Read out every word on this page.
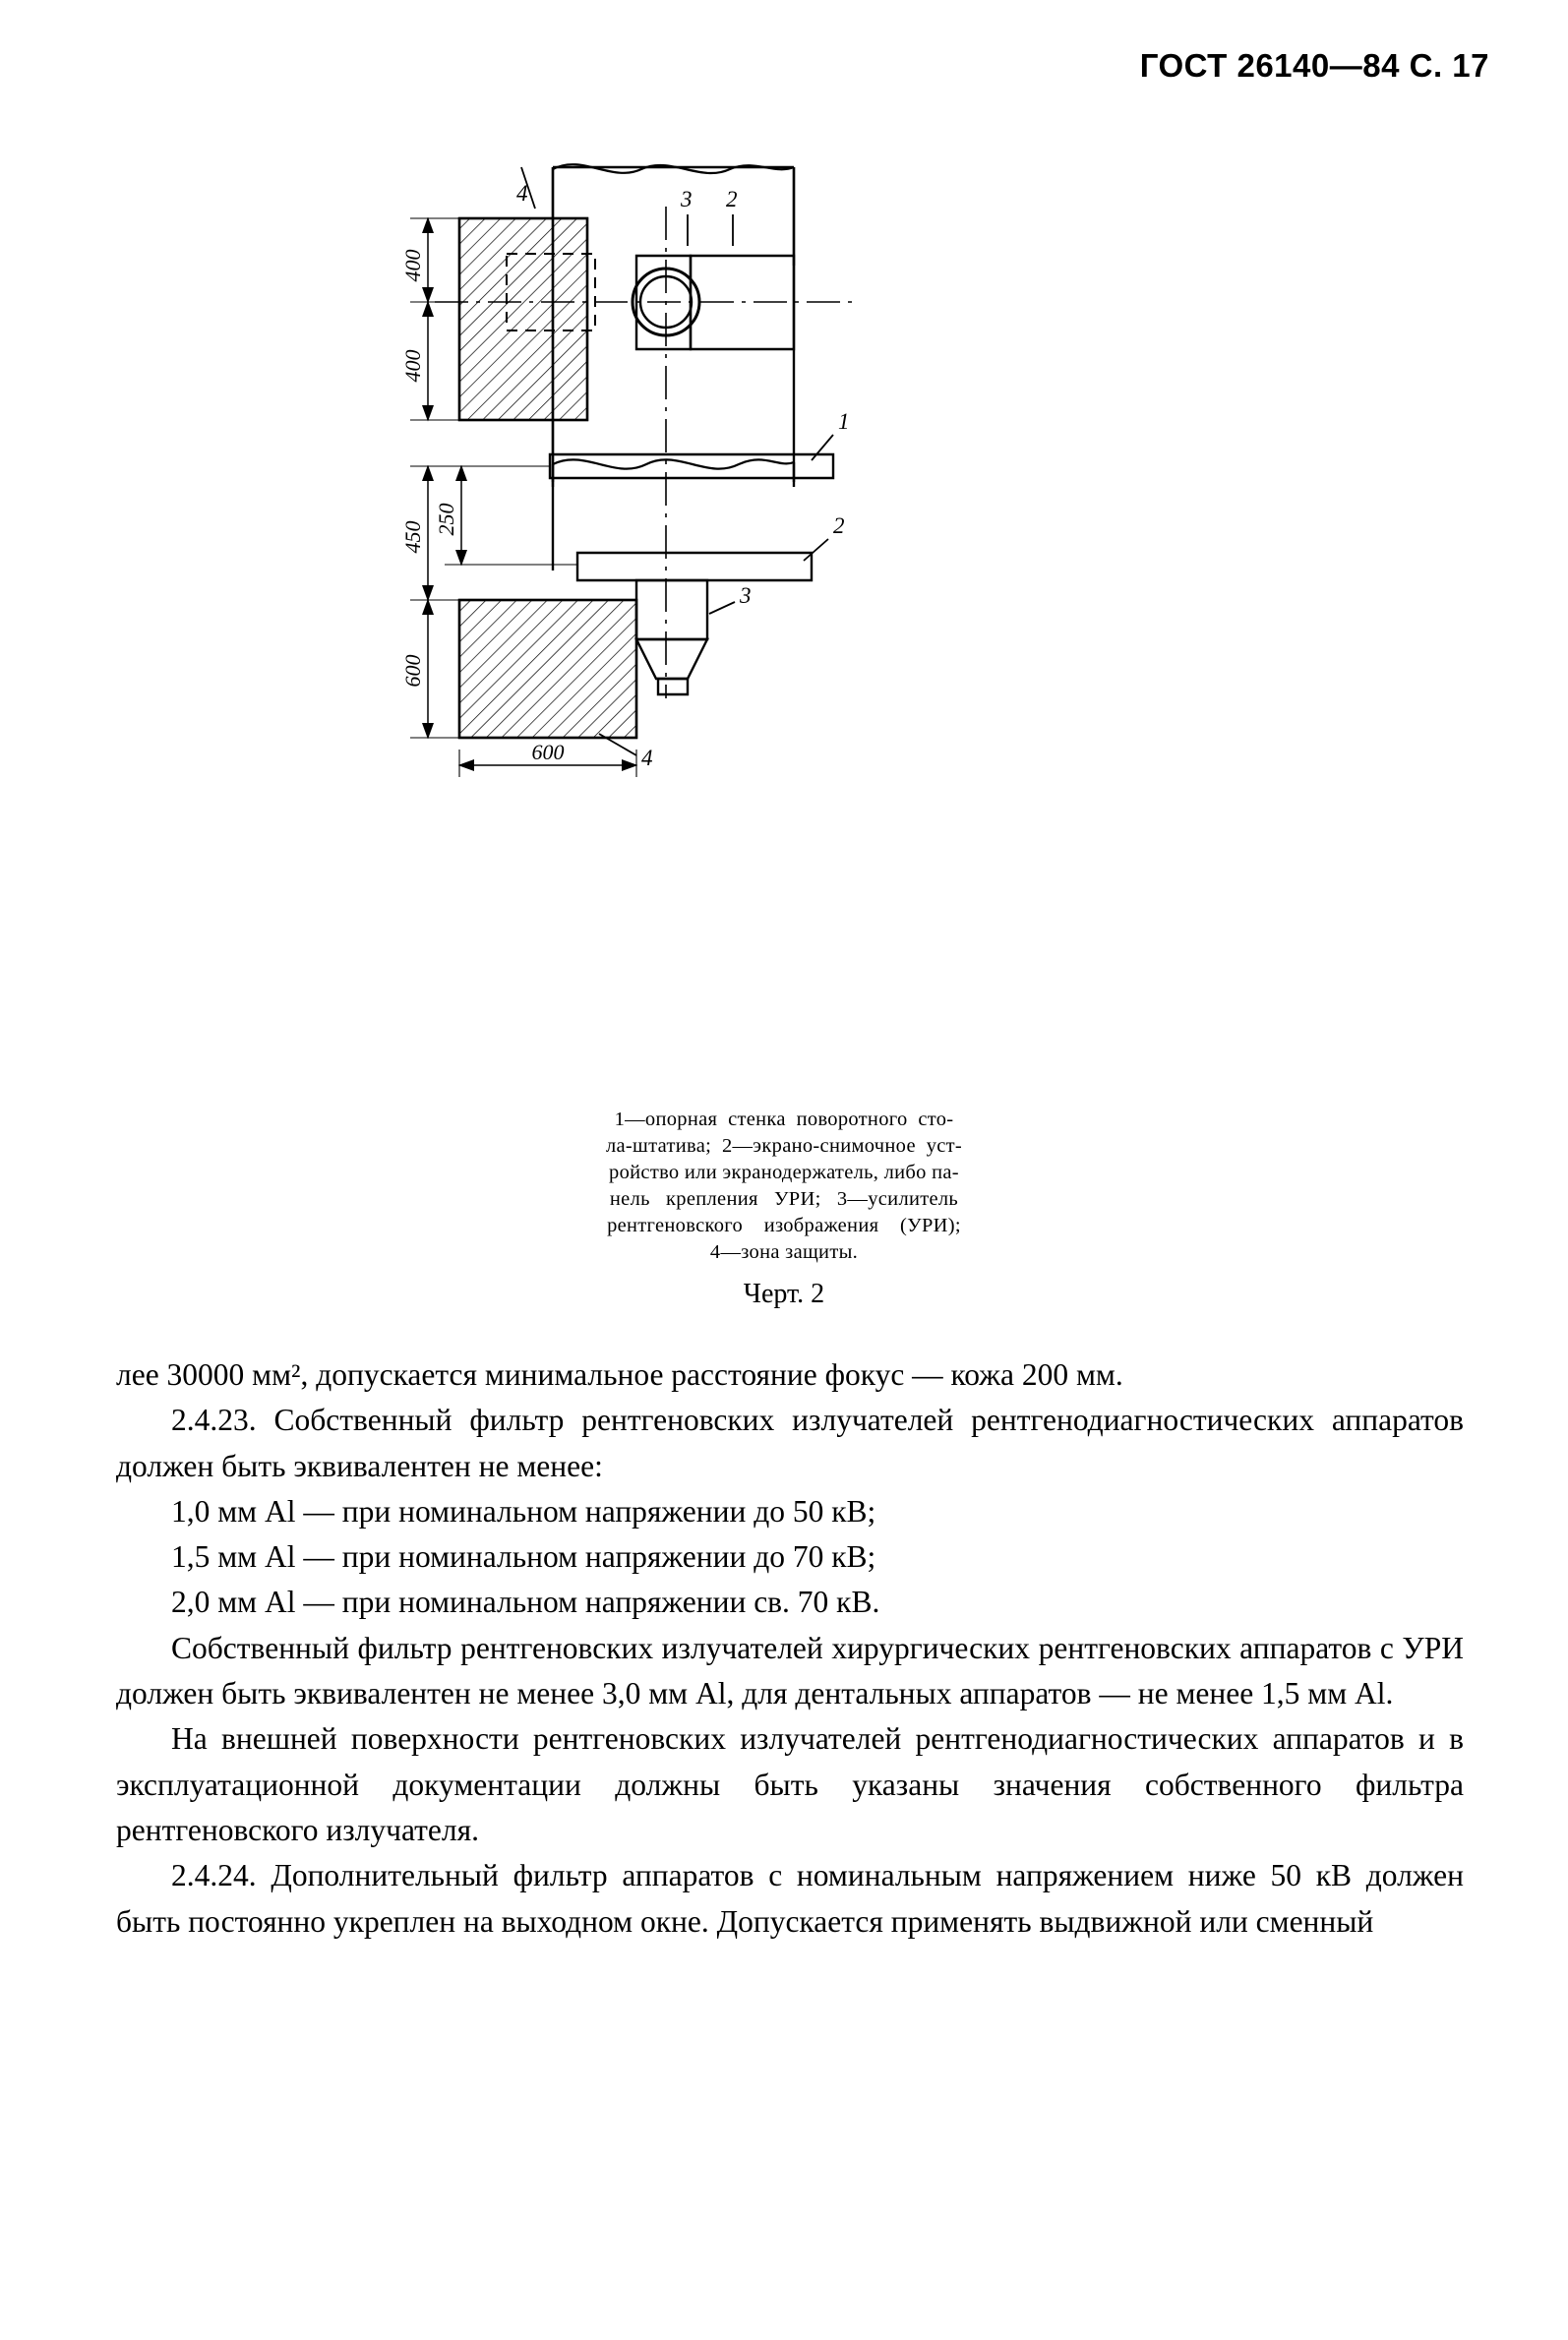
ГОСТ 26140—84 С. 17
4	3 2
1
2
3
4
400
400
450
600
250
600
1—опорная  стенка  поворотного  сто-
ла-штатива;  2—экрано-снимочное  уст-
ройство или экранодержатель, либо па-
нель   крепления   УРИ;   3—усилитель
рентгеновского    изображения    (УРИ);
4—зона защиты.
Черт. 2

лее 30000 мм², допускается минимальное расстояние фокус — кожа 200 мм.

2.4.23. Собственный фильтр рентгеновских излучателей рентгенодиагностических аппаратов должен быть эквивалентен не менее:

1,0 мм Аl — при номинальном напряжении до 50 кВ;

1,5 мм Аl — при номинальном напряжении до 70 кВ;

2,0 мм Аl — при номинальном напряжении св. 70 кВ.

Собственный фильтр рентгеновских излучателей хирургических рентгеновских аппаратов с УРИ должен быть эквивалентен не менее 3,0 мм Аl, для дентальных аппаратов — не менее 1,5 мм Аl.

На внешней поверхности рентгеновских излучателей рентгенодиагностических аппаратов и в эксплуатационной документации должны быть указаны значения собственного фильтра рентгеновского излучателя.

2.4.24. Дополнительный фильтр аппаратов с номинальным напряжением ниже 50 кВ должен быть постоянно укреплен на выходном окне. Допускается применять выдвижной или сменный
